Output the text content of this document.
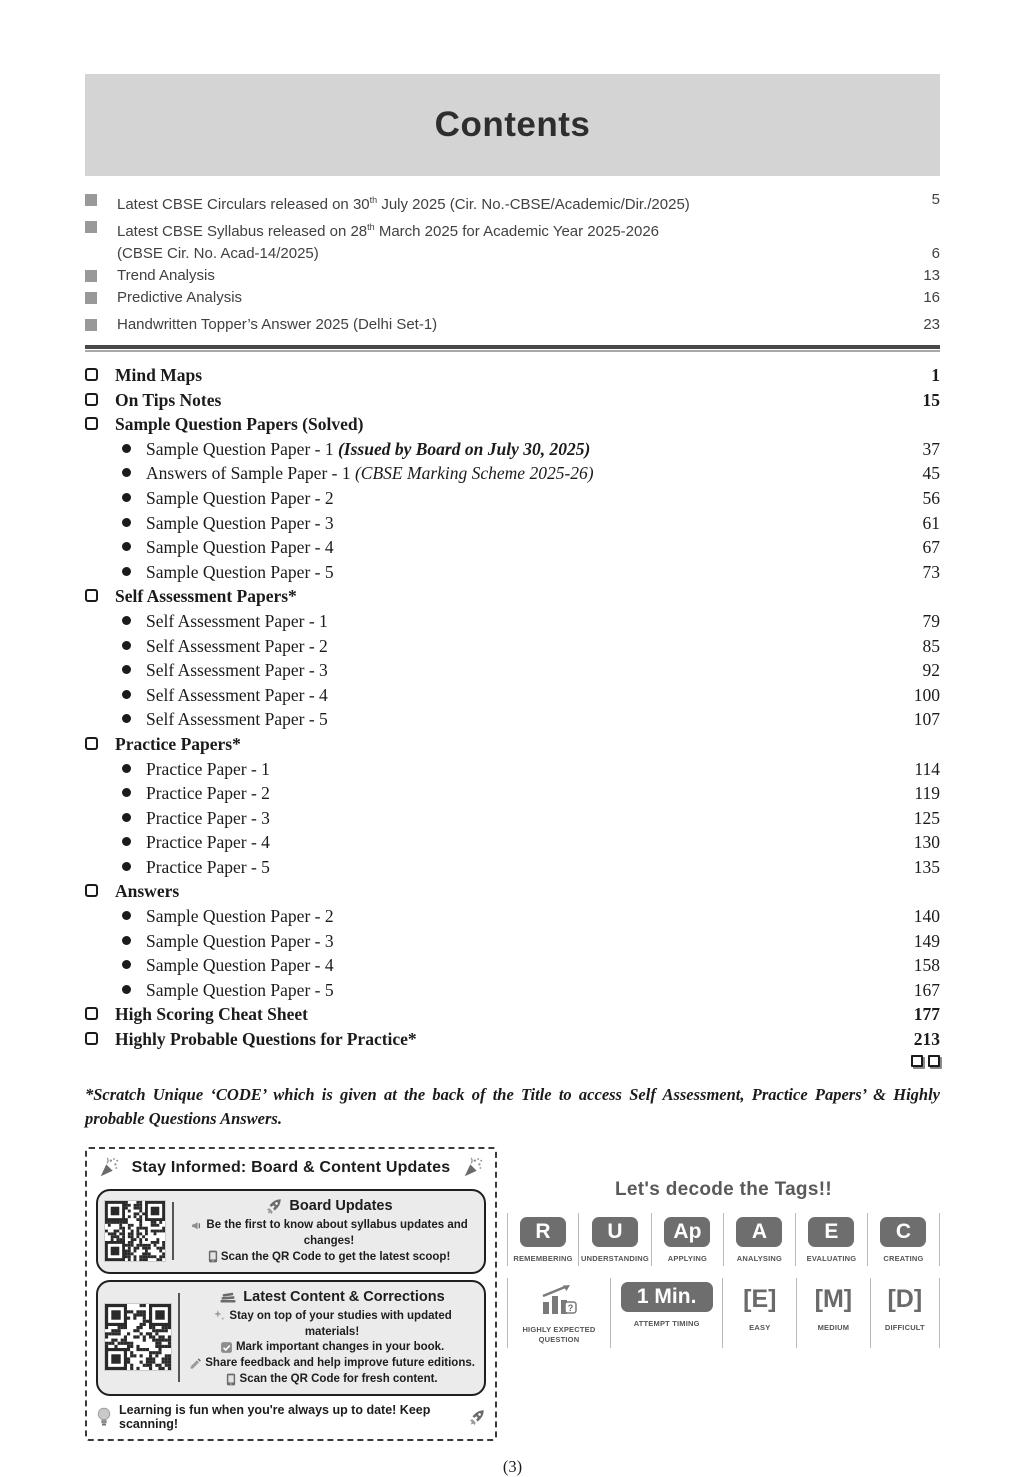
Contents
Latest CBSE Circulars released on 30th July 2025 (Cir. No.-CBSE/Academic/Dir./2025)	5
Latest CBSE Syllabus released on 28th March 2025 for Academic Year 2025-2026
(CBSE Cir. No. Acad-14/2025)	6
Trend Analysis	13
Predictive Analysis	16
Handwritten Topper’s Answer 2025 (Delhi Set-1)	23
Mind Maps	1
On Tips Notes	15
Sample Question Papers (Solved)
Sample Question Paper - 1 (Issued by Board on July 30, 2025)	37
Answers of Sample Paper - 1 (CBSE Marking Scheme 2025-26)	45
Sample Question Paper - 2	56
Sample Question Paper - 3	61
Sample Question Paper - 4	67
Sample Question Paper - 5	73
Self Assessment Papers*
Self Assessment Paper - 1	79
Self Assessment Paper - 2	85
Self Assessment Paper - 3	92
Self Assessment Paper - 4	100
Self Assessment Paper - 5	107
Practice Papers*
Practice Paper - 1	114
Practice Paper - 2	119
Practice Paper - 3	125
Practice Paper - 4	130
Practice Paper - 5	135
Answers
Sample Question Paper - 2	140
Sample Question Paper - 3	149
Sample Question Paper - 4	158
Sample Question Paper - 5	167
High Scoring Cheat Sheet	177
Highly Probable Questions for Practice*	213

*Scratch Unique ‘CODE’ which is given at the back of the Title to access Self Assessment, Practice Papers’ & Highly probable Questions Answers.

Stay Informed: Board & Content Updates
Board Updates
Be the first to know about syllabus updates and changes!
Scan the QR Code to get the latest scoop!
Latest Content & Corrections
Stay on top of your studies with updated materials!
Mark important changes in your book.
Share feedback and help improve future editions.
Scan the QR Code for fresh content.
Learning is fun when you're always up to date! Keep scanning!
Let's decode the Tags!!
R
REMEMBERING
U
UNDERSTANDING
Ap
APPLYING
A
ANALYSING
E
EVALUATING
C
CREATING
?
HIGHLY EXPECTED QUESTION
1 Min.
ATTEMPT TIMING
[E]
EASY
[M]
MEDIUM
[D]
DIFFICULT
(3)
